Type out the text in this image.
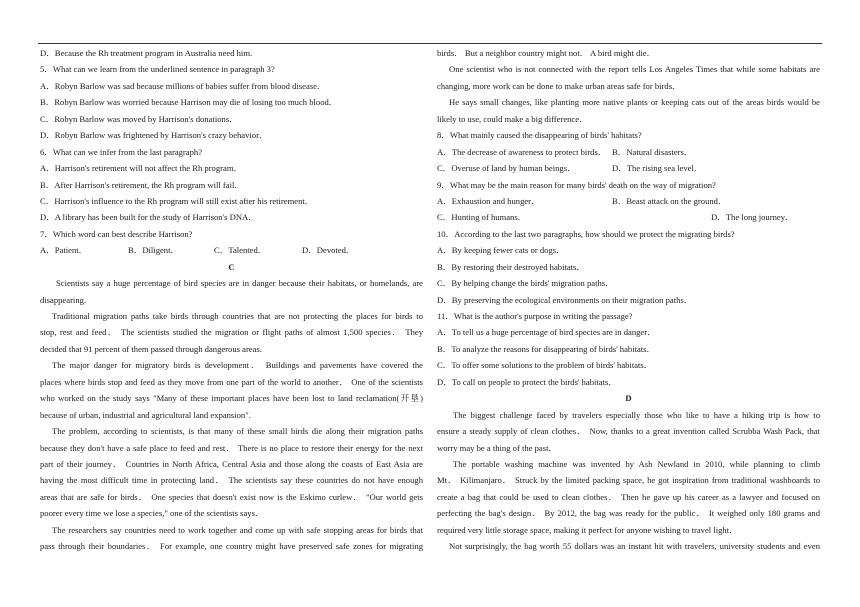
D．Because the Rh treatment program in Australia need him.
5．What can we learn from the underlined sentence in paragraph 3?
A．Robyn Barlow was sad because millions of babies suffer from blood disease．
B．Robyn Barlow was worried because Harrison may die of losing too much blood．
C．Robyn Barlow was moved by Harrison's donations．
D．Robyn Barlow was frightened by Harrison's crazy behavior．
6．What can we infer from the last paragraph?
A．Harrison's retirement will not affect the Rh program．
B．After Harrison's retirement, the Rh program will fail．
C．Harrison's influence to the Rh program will still exist after his retirement．
D．A library has been built for the study of Harrison's DNA．
7．Which word can best describe Harrison?
A．Patient．	B．Diligent．	C．Talented．	D．Devoted．
C
Scientists say a huge percentage of bird species are in danger because their habitats, or homelands, are
disappearing.
Traditional migration paths take birds through countries that are not protecting the places for birds to
stop, rest and feed． The scientists studied the migration or flight paths of almost 1,500 species． They
decided that 91 percent of them passed through dangerous areas.
The major danger for migratory birds is development． Buildings and pavements have covered the
places where birds stop and feed as they move from one part of the world to another． One of the scientists
who worked on the study says "Many of these important places have been lost to land reclamation(开垦)
because of urban, industrial and agricultural land expansion".
The problem, according to scientists, is that many of these small birds die along their migration paths
because they don't have a safe place to feed and rest． There is no place to restore their energy for the next
part of their journey． Countries in North Africa, Central Asia and those along the coasts of East Asia are
having the most difficult time in protecting land． The scientists say these countries do not have enough
areas that are safe for birds． One species that doesn't exist now is the Eskimo curlew． "Our world gets
poorer every time we lose a species," one of the scientists says．
The researchers say countries need to work together and come up with safe stopping areas for birds that
pass through their boundaries． For example, one country might have preserved safe zones for migrating
birds． But a neighbor country might not． A bird might die．
One scientist who is not connected with the report tells Los Angeles Times that while some habitats are
changing, more work can be done to make urban areas safe for birds．
He says small changes, like planting more native plants or keeping cats out of the areas birds would be
likely to use, could make a big difference．
8．What mainly caused the disappearing of birds' habitats?
A．The decrease of awareness to protect birds． B．Natural disasters．
C．Overuse of land by human beings．	D．The rising sea level．
9．What may be the main reason for many birds' death on the way of migration?
A．Exhaustion and hunger．	B．Beast attack on the ground．
C．Hunting of humans．	D．The long journey．
10．According to the last two paragraphs, how should we protect the migrating birds?
A．By keeping fewer cats or dogs．
B．By restoring their destroyed habitats．
C．By helping change the birds' migration paths．
D．By preserving the ecological environments on their migration paths．
11．What is the author's purpose in writing the passage?
A．To tell us a huge percentage of bird species are in danger．
B．To analyze the reasons for disappearing of birds' habitats．
C．To offer some solutions to the problem of birds' habitats．
D．To call on people to protect the birds' habitats．
D
The biggest challenge faced by travelers especially those who like to have a hiking trip is how to
ensure a steady supply of clean clothes． Now, thanks to a great invention called Scrubba Wash Pack, that
worry may be a thing of the past．
The portable washing machine was invented by Ash Newland in 2010, while planning to climb
Mt． Kilimanjaro． Struck by the limited packing space, he got inspiration from traditional washboards to
create a bag that could be used to clean clothes． Then he gave up his career as a lawyer and focused on
perfecting the bag's design． By 2012, the bag was ready for the public． It weighed only 180 grams and
required very little storage space, making it perfect for anyone wishing to travel light．
Not surprisingly, the bag worth 55 dollars was an instant hit with travelers, university students and even
